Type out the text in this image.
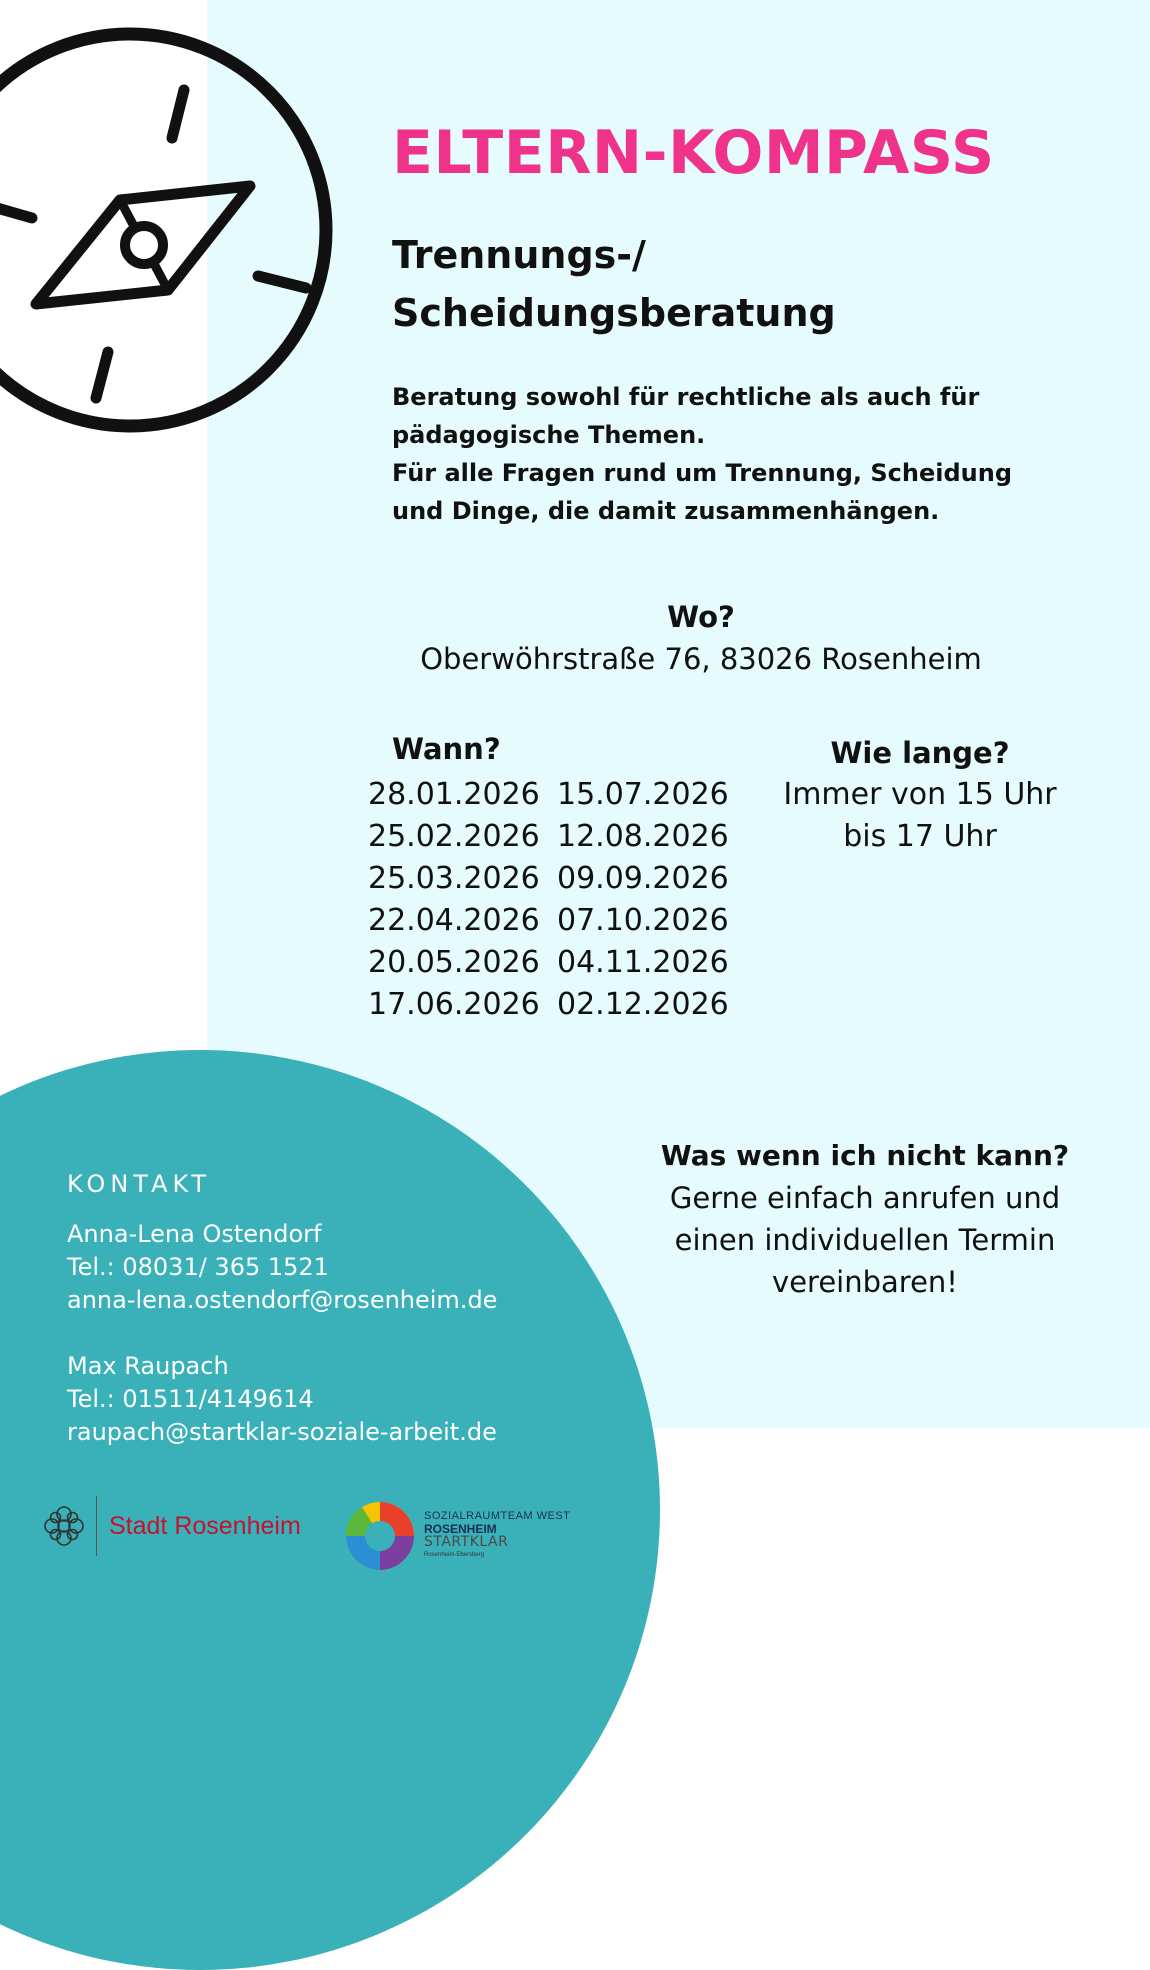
ELTERN-KOMPASS
Trennungs-/
Scheidungsberatung
Beratung sowohl für rechtliche als auch für
pädagogische Themen.
Für alle Fragen rund um Trennung, Scheidung
und Dinge, die damit zusammenhängen.
Wo?
Oberwöhrstraße 76, 83026 Rosenheim
Wann?
28.01.2026
25.02.2026
25.03.2026
22.04.2026
20.05.2026
17.06.2026
15.07.2026
12.08.2026
09.09.2026
07.10.2026
04.11.2026
02.12.2026
Wie lange?
Immer von 15 Uhr
bis 17 Uhr
Was wenn ich nicht kann?
Gerne einfach anrufen und
einen individuellen Termin
vereinbaren!
KONTAKT
Anna-Lena Ostendorf
Tel.: 08031/ 365 1521
anna-lena.ostendorf@rosenheim.de
Max Raupach
Tel.: 01511/4149614
raupach@startklar-soziale-arbeit.de
Stadt Rosenheim	SOZIALRAUMTEAM WEST
ROSENHEIM
STARTKLAR
Rosenheim-Ebersberg
